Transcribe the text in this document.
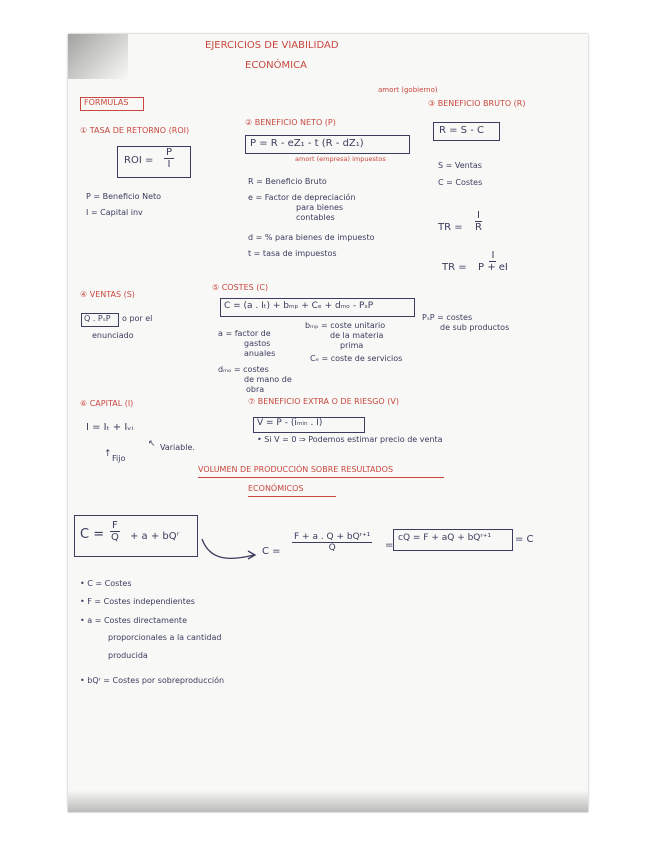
EJERCICIOS DE VIABILIDAD
ECONÓMICA
FORMULAS
① TASA DE RETORNO (ROI)
ROI = $\frac{P}{I}$
P = Beneficio Neto
I = Capital inv
② BENEFICIO NETO (P)
amort (gobierno)
P = R - eZ₁ - t (R - dZ₁)
amort (empresa) impuestos
R = Beneficio Bruto
e = Factor de depreciación
para bienes
contables
d = % para bienes de impuesto
t = tasa de impuestos
③ BENEFICIO BRUTO (R)
R = S - C
S = Ventas
C = Costes
TR = $\frac{I}{R}$
TR = $\frac{I}{P + eI}$
④ VENTAS (S)
Q . PₛP o por el
enunciado
⑤ COSTES (C)
C = (a . Iₜ) + bₘₚ + Cₑ + dₘₒ - PₛP
a = factor de
gastos
anuales
bₘₚ = coste unitario
de la materia
prima
PₛP = costes
de sub productos
dₘₒ = costes
de mano de
obra
Cₑ = coste de servicios
⑥ CAPITAL (I)
I = Iₜ + Iᵥᵢ
↑
↖
Fijo
Variable.
⑦ BENEFICIO EXTRA O DE RIESGO (V)
V = P - (iₘᵢₙ . I)
• Si V = 0 ⇒ Podemos estimar precio de venta
VOLUMEN DE PRODUCCIÓN SOBRE RESULTADOS
ECONÓMICOS
$C = \frac{F}{Q} + a$ + bQʳ
C =
F + a . Q + bQʳ⁺¹
Q	=
cQ = F + aQ + bQʳ⁺¹ = C
• C = Costes
• F = Costes independientes
• a = Costes directamente
proporcionales a la cantidad
producida
• bQʳ = Costes por sobreproducción
